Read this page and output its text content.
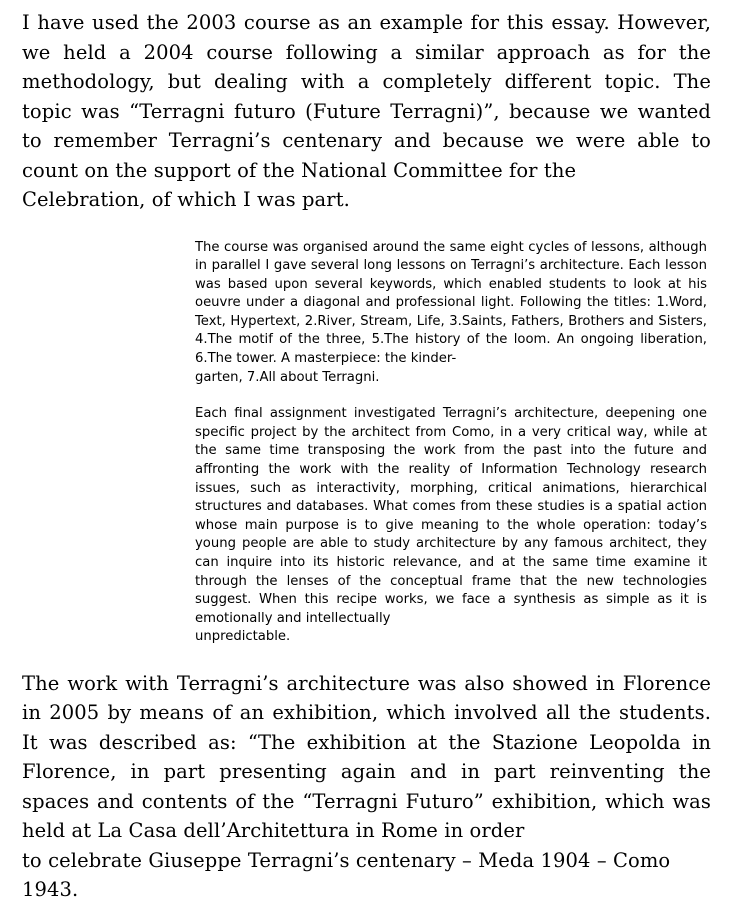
I have used the 2003 course as an example for this essay. However, we held a 2004 course following a similar approach as for the methodology, but dealing with a completely different topic. The topic was “Terragni futuro (Future Terragni)”, because we wanted to remember Terragni’s centenary and because we were able to count on the support of the National Committee for the
Celebration, of which I was part.

The course was organised around the same eight cycles of lessons, although in parallel I gave several long lessons on Terragni’s architecture. Each lesson was based upon several keywords, which enabled students to look at his oeuvre under a diagonal and professional light. Following the titles: 1.Word, Text, Hypertext, 2.River, Stream, Life, 3.Saints, Fathers, Brothers and Sisters, 4.The motif of the three, 5.The history of the loom. An ongoing liberation, 6.The tower. A masterpiece: the kinder-
garten, 7.All about Terragni.

Each final assignment investigated Terragni’s architecture, deepening one specific project by the architect from Como, in a very critical way, while at the same time transposing the work from the past into the future and affronting the work with the reality of Information Technology research issues, such as interactivity, morphing, critical animations, hierarchical structures and databases. What comes from these studies is a spatial action whose main purpose is to give meaning to the whole operation: today’s young people are able to study architecture by any famous architect, they can inquire into its historic relevance, and at the same time examine it through the lenses of the conceptual frame that the new technologies suggest. When this recipe works, we face a synthesis as simple as it is emotionally and intellectually
unpredictable.

The work with Terragni’s architecture was also showed in Florence in 2005 by means of an exhibition, which involved all the students. It was described as: “The exhibition at the Stazione Leopolda in Florence, in part presenting again and in part reinventing the spaces and contents of the “Terragni Futuro” exhibition, which was held at La Casa dell’Architettura in Rome in order
to celebrate Giuseppe Terragni’s centenary – Meda 1904 – Como 1943.
